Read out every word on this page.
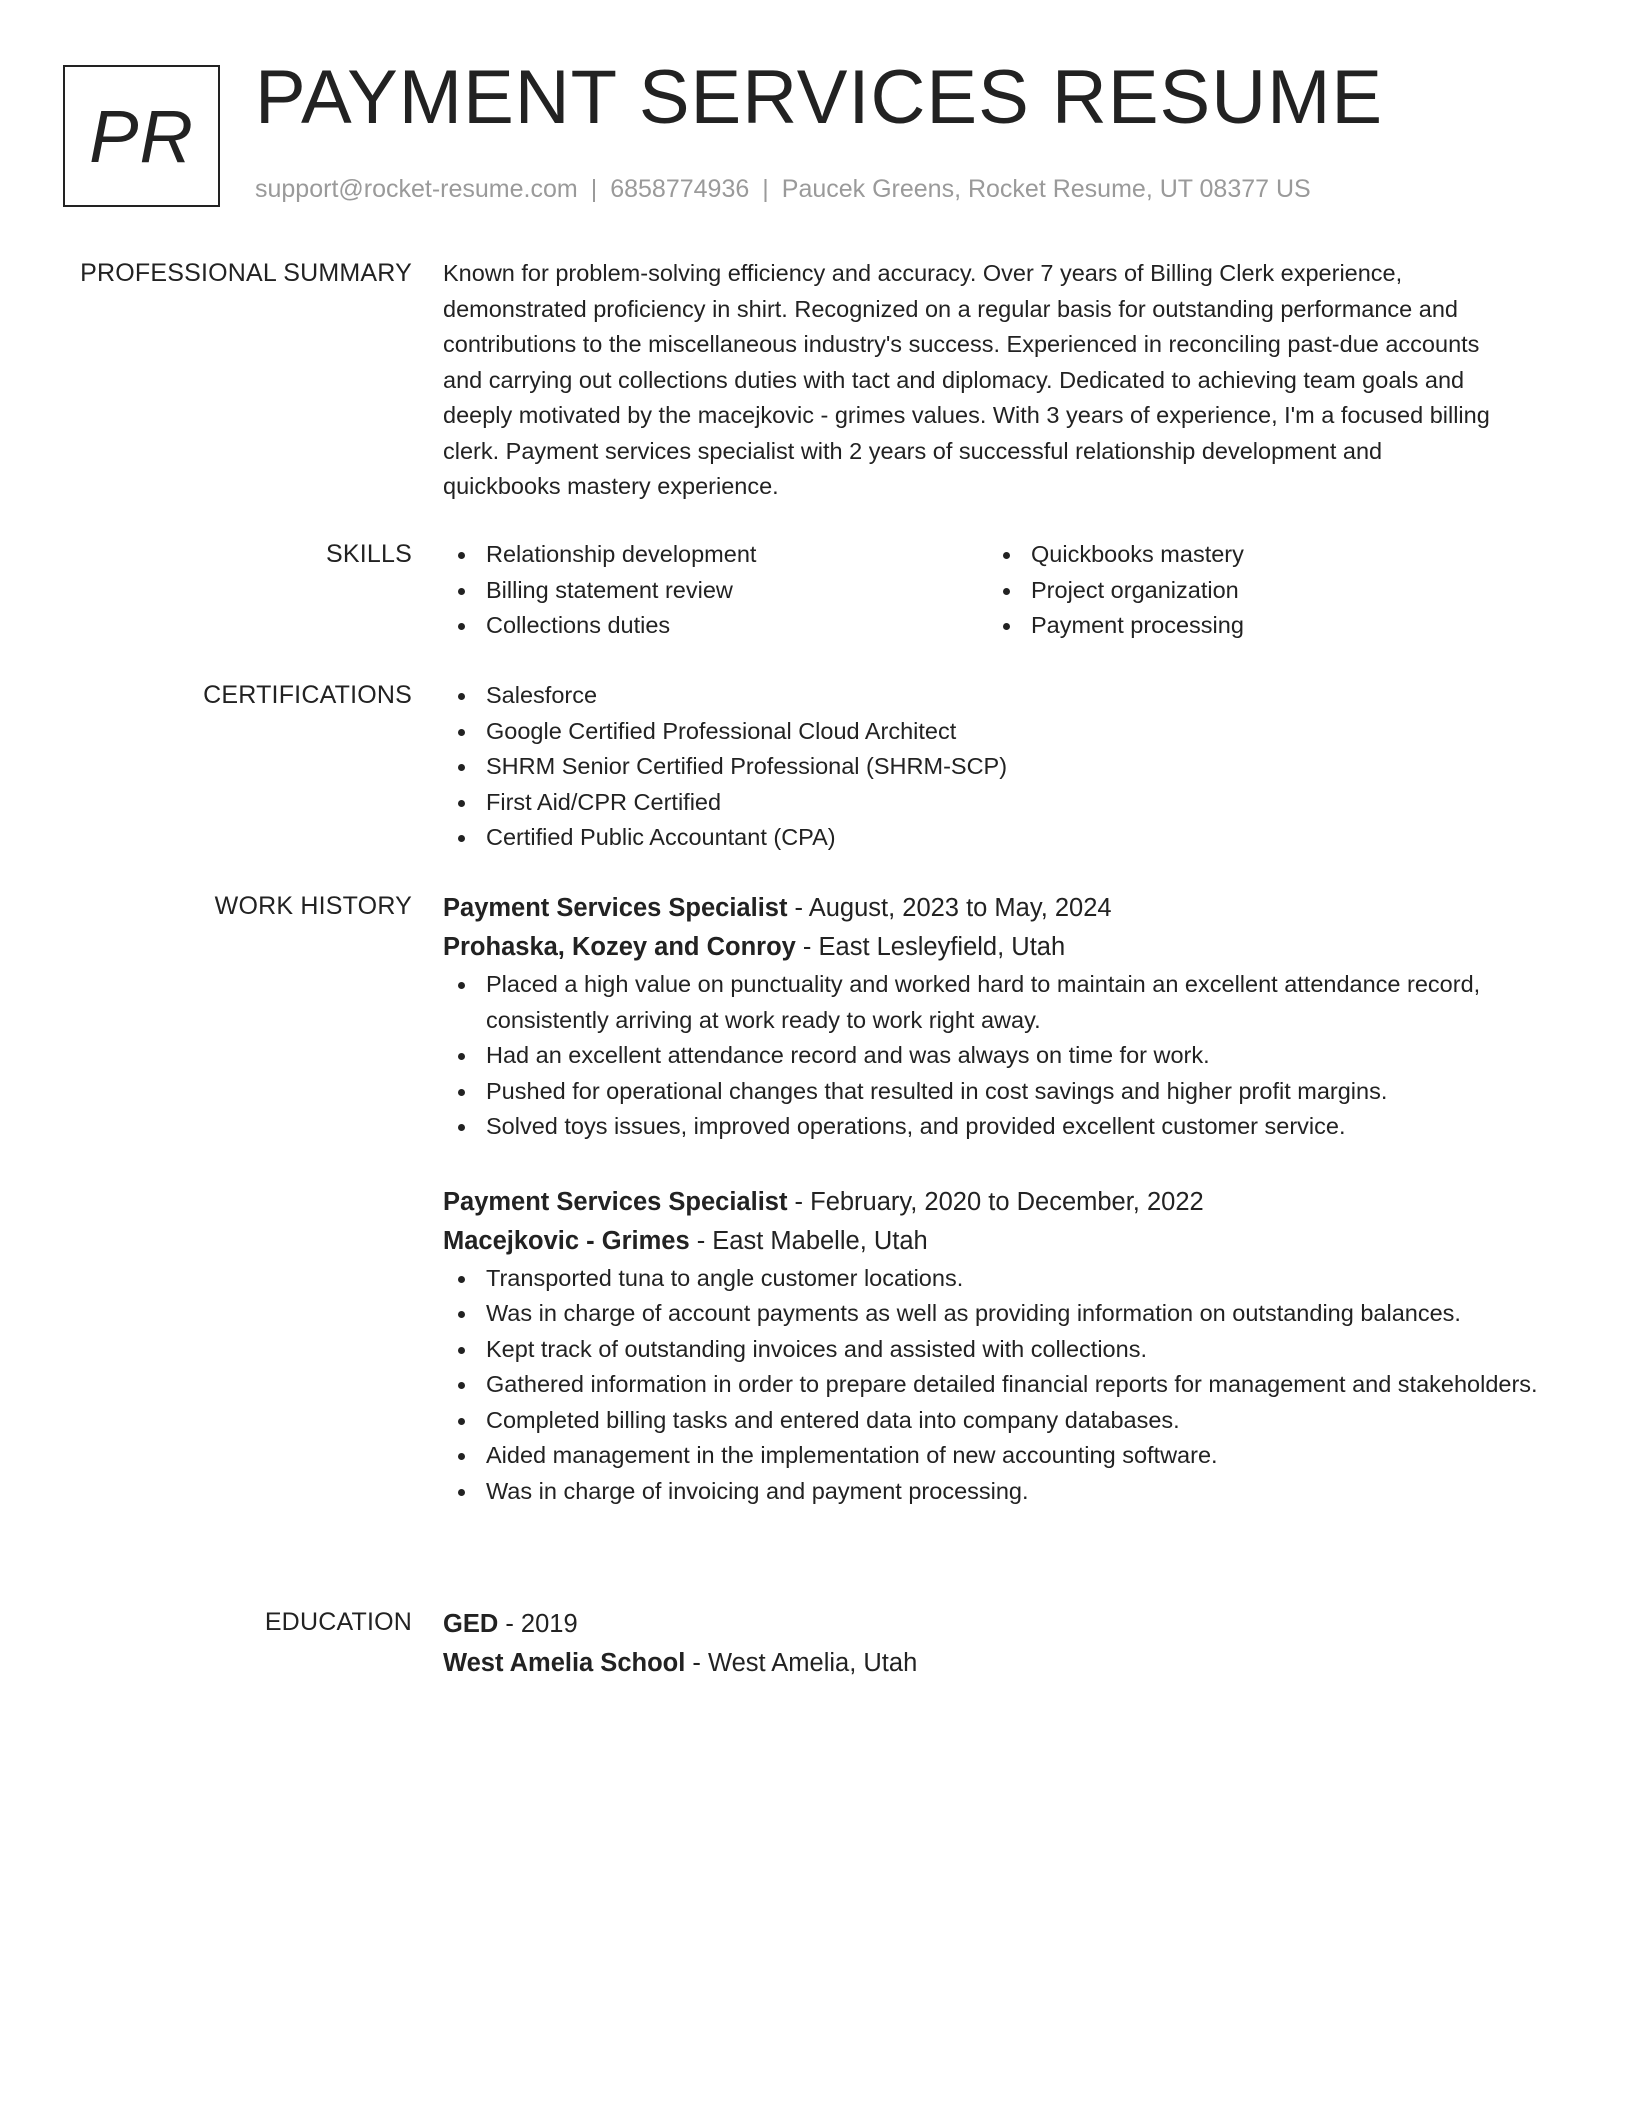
PR PAYMENT SERVICES RESUME
support@rocket-resume.com | 6858774936 | Paucek Greens, Rocket Resume, UT 08377 US
PROFESSIONAL SUMMARY Known for problem-solving efficiency and accuracy. Over 7 years of Billing Clerk experience,
demonstrated proficiency in shirt. Recognized on a regular basis for outstanding performance and
contributions to the miscellaneous industry's success. Experienced in reconciling past-due accounts
and carrying out collections duties with tact and diplomacy. Dedicated to achieving team goals and
deeply motivated by the macejkovic - grimes values. With 3 years of experience, I'm a focused billing
clerk. Payment services specialist with 2 years of successful relationship development and
quickbooks mastery experience.

SKILLS	Relationship development
Billing statement review
Collections duties
Quickbooks mastery
Project organization
Payment processing
CERTIFICATIONS	Salesforce
Google Certified Professional Cloud Architect
SHRM Senior Certified Professional (SHRM-SCP)
First Aid/CPR Certified
Certified Public Accountant (CPA)
WORK HISTORY Payment Services Specialist - August, 2023 to May, 2024
Prohaska, Kozey and Conroy - East Lesleyfield, Utah
Placed a high value on punctuality and worked hard to maintain an excellent attendance record, consistently arriving at work ready to work right away.
Had an excellent attendance record and was always on time for work.
Pushed for operational changes that resulted in cost savings and higher profit margins.
Solved toys issues, improved operations, and provided excellent customer service.
Payment Services Specialist - February, 2020 to December, 2022
Macejkovic - Grimes - East Mabelle, Utah
Transported tuna to angle customer locations.
Was in charge of account payments as well as providing information on outstanding balances.
Kept track of outstanding invoices and assisted with collections.
Gathered information in order to prepare detailed financial reports for management and stakeholders.
Completed billing tasks and entered data into company databases.
Aided management in the implementation of new accounting software.
Was in charge of invoicing and payment processing.
EDUCATION GED - 2019
West Amelia School - West Amelia, Utah
